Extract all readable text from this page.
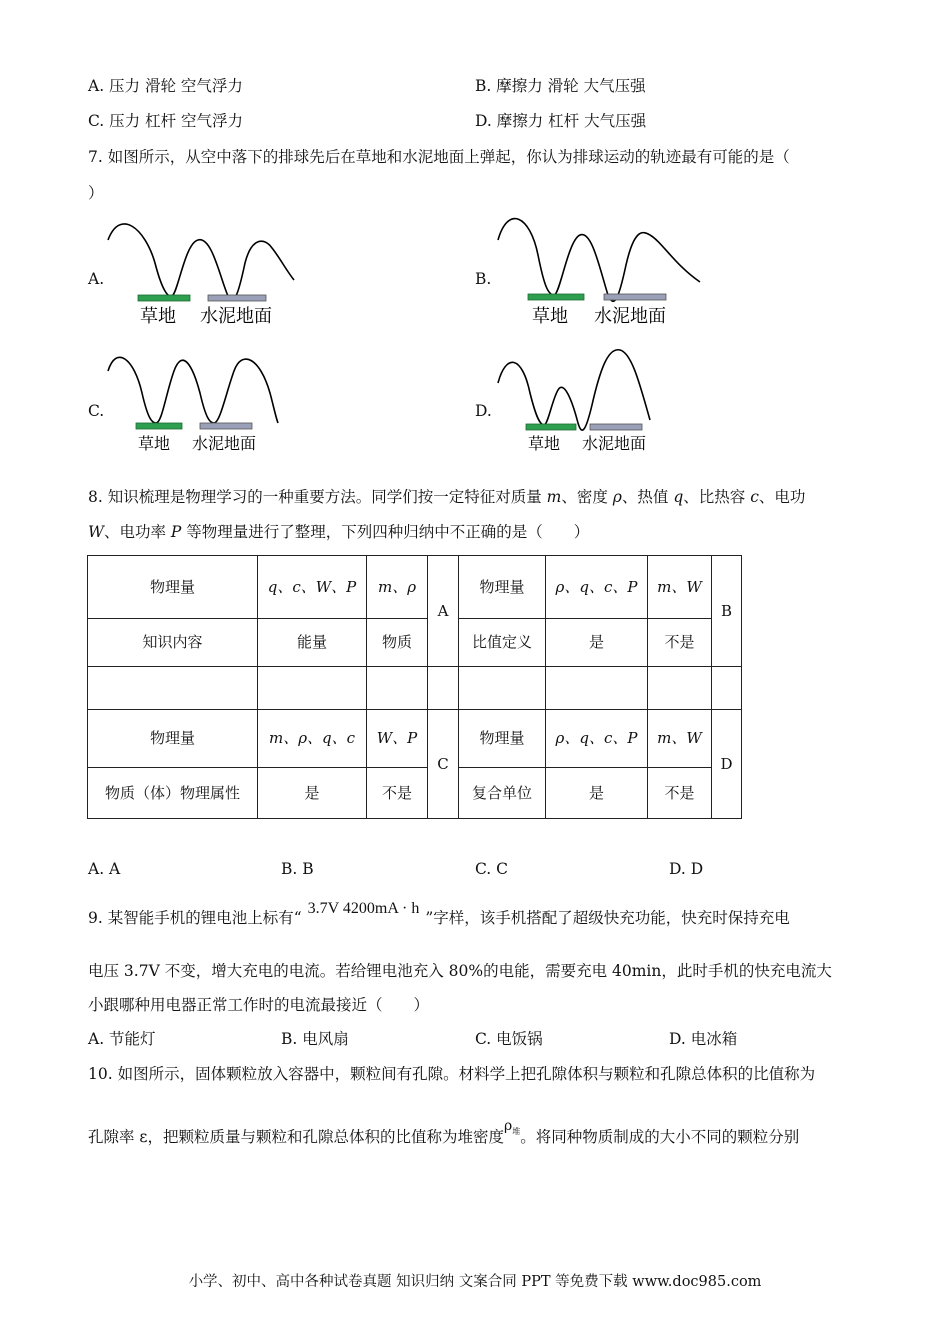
A. 压力 滑轮 空气浮力	B. 摩擦力 滑轮 大气压强
C. 压力 杠杆 空气浮力	D. 摩擦力 杠杆 大气压强
7. 如图所示，从空中落下的排球先后在草地和水泥地面上弹起，你认为排球运动的轨迹最有可能的是（
）
A.	B.
C.	D.
草地 水泥地面	草地 水泥地面
草地 水泥地面	草地 水泥地面
8. 知识梳理是物理学习的一种重要方法。同学们按一定特征对质量 m、密度 ρ、热值 q、比热容 c、电功
W、电功率 P 等物理量进行了整理，下列四种归纳中不正确的是（　　）
物理量	q、c、W、P	m、ρ	A	物理量	ρ、q、c、P	m、W	B
知识内容	能量	物质		比值定义	是	不是	

物理量	m、ρ、q、c	W、P	C	物理量	ρ、q、c、P	m、W	D
物质（体）物理属性	是	不是		复合单位	是	不是	
A. A	B. B	C. C	D. D
9. 某智能手机的锂电池上标有“3.7V 4200mA · h”字样，该手机搭配了超级快充功能，快充时保持充电
电压 3.7V 不变，增大充电的电流。若给锂电池充入 80%的电能，需要充电 40min，此时手机的快充电流大
小跟哪种用电器正常工作时的电流最接近（　　）
A. 节能灯	B. 电风扇	C. 电饭锅	D. 电冰箱
10. 如图所示，固体颗粒放入容器中，颗粒间有孔隙。材料学上把孔隙体积与颗粒和孔隙总体积的比值称为
孔隙率 ε，把颗粒质量与颗粒和孔隙总体积的比值称为堆密度$\rho_堆$。将同种物质制成的大小不同的颗粒分别
小学、初中、高中各种试卷真题 知识归纳 文案合同 PPT 等免费下载 www.doc985.com
